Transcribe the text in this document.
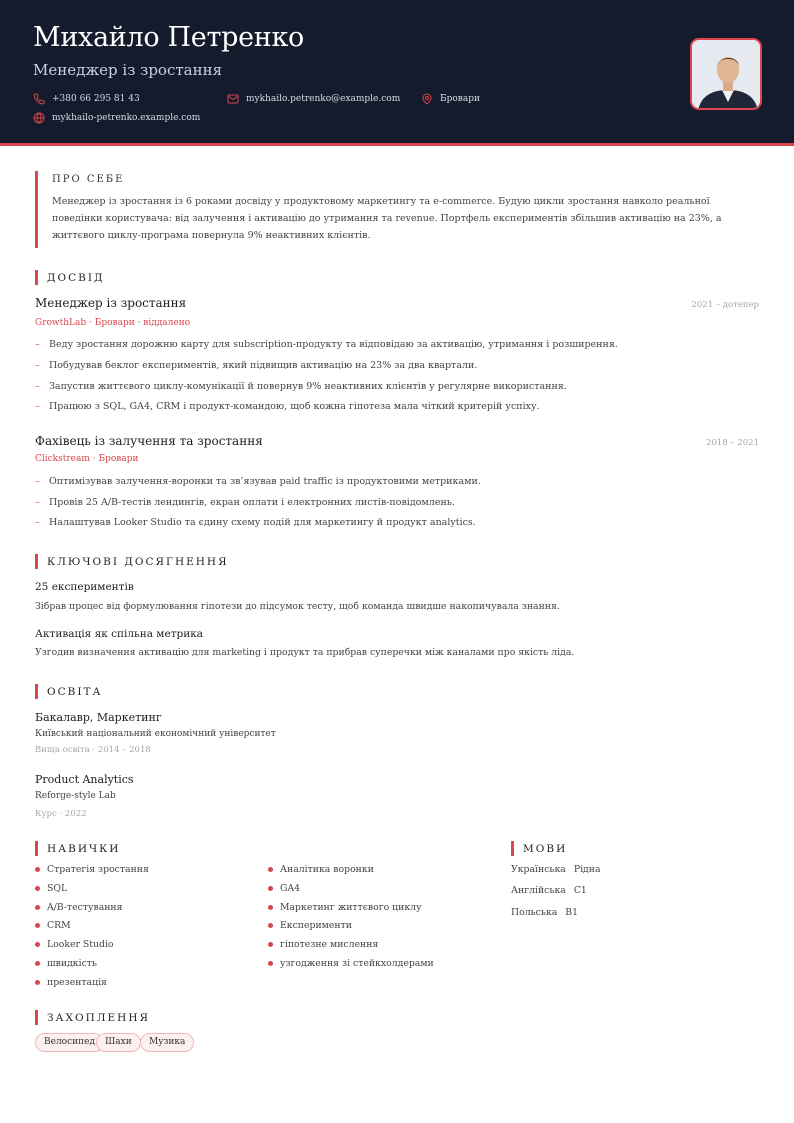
Михайло Петренко
Менеджер із зростання
+380 66 295 81 43	mykhailo.petrenko@example.com	Бровари
mykhailo-petrenko.example.com
ПРО СЕБЕ
Менеджер із зростання із 6 роками досвіду у продуктовому маркетингу та e-commerce. Будую цикли зростання навколо реальної поведінки користувача: від залучення і активацію до утримання та revenue. Портфель експериментів збільшив активацію на 23%, а життєвого циклу-програма повернула 9% неактивних клієнтів.
ДОСВІД
Менеджер із зростання	2021 – дотепер
GrowthLab · Бровари · віддалено
– Веду зростання дорожню карту для subscription-продукту та відповідаю за активацію, утримання і розширення.
– Побудував беклог експериментів, який підвищив активацію на 23% за два квартали.
– Запустив життєвого циклу-комунікації й повернув 9% неактивних клієнтів у регулярне використання.
– Працюю з SQL, GA4, CRM і продукт-командою, щоб кожна гіпотеза мала чіткий критерій успіху.
Фахівець із залучення та зростання	2018 – 2021
Clickstream · Бровари
– Оптимізував залучення-воронки та зв’язував paid traffic із продуктовими метриками.
– Провів 25 A/B-тестів лендингів, екран оплати і електронних листів-повідомлень.
– Налаштував Looker Studio та єдину схему подій для маркетингу й продукт analytics.
КЛЮЧОВІ ДОСЯГНЕННЯ
25 експериментів
Зібрав процес від формулювання гіпотези до підсумок тесту, щоб команда швидше накопичувала знання.
Активація як спільна метрика
Узгодив визначення активацію для marketing і продукт та прибрав суперечки між каналами про якість ліда.
ОСВІТА
Бакалавр, Маркетинг
Київський національний економічний університет
Вища освіта · 2014 – 2018
Product Analytics
Reforge-style Lab
Курс · 2022
НАВИЧКИ
Стратегія зростання
SQL
A/B-тестування
CRM
Looker Studio
швидкість
презентація
Аналітика воронки
GA4
Маркетинг життєвого циклу
Експерименти
гіпотезне мислення
узгодження зі стейкхолдерами
МОВИ
Українська Рідна
Англійська C1
Польська B1
ЗАХОПЛЕННЯ
Велосипед	Шахи	Музика
